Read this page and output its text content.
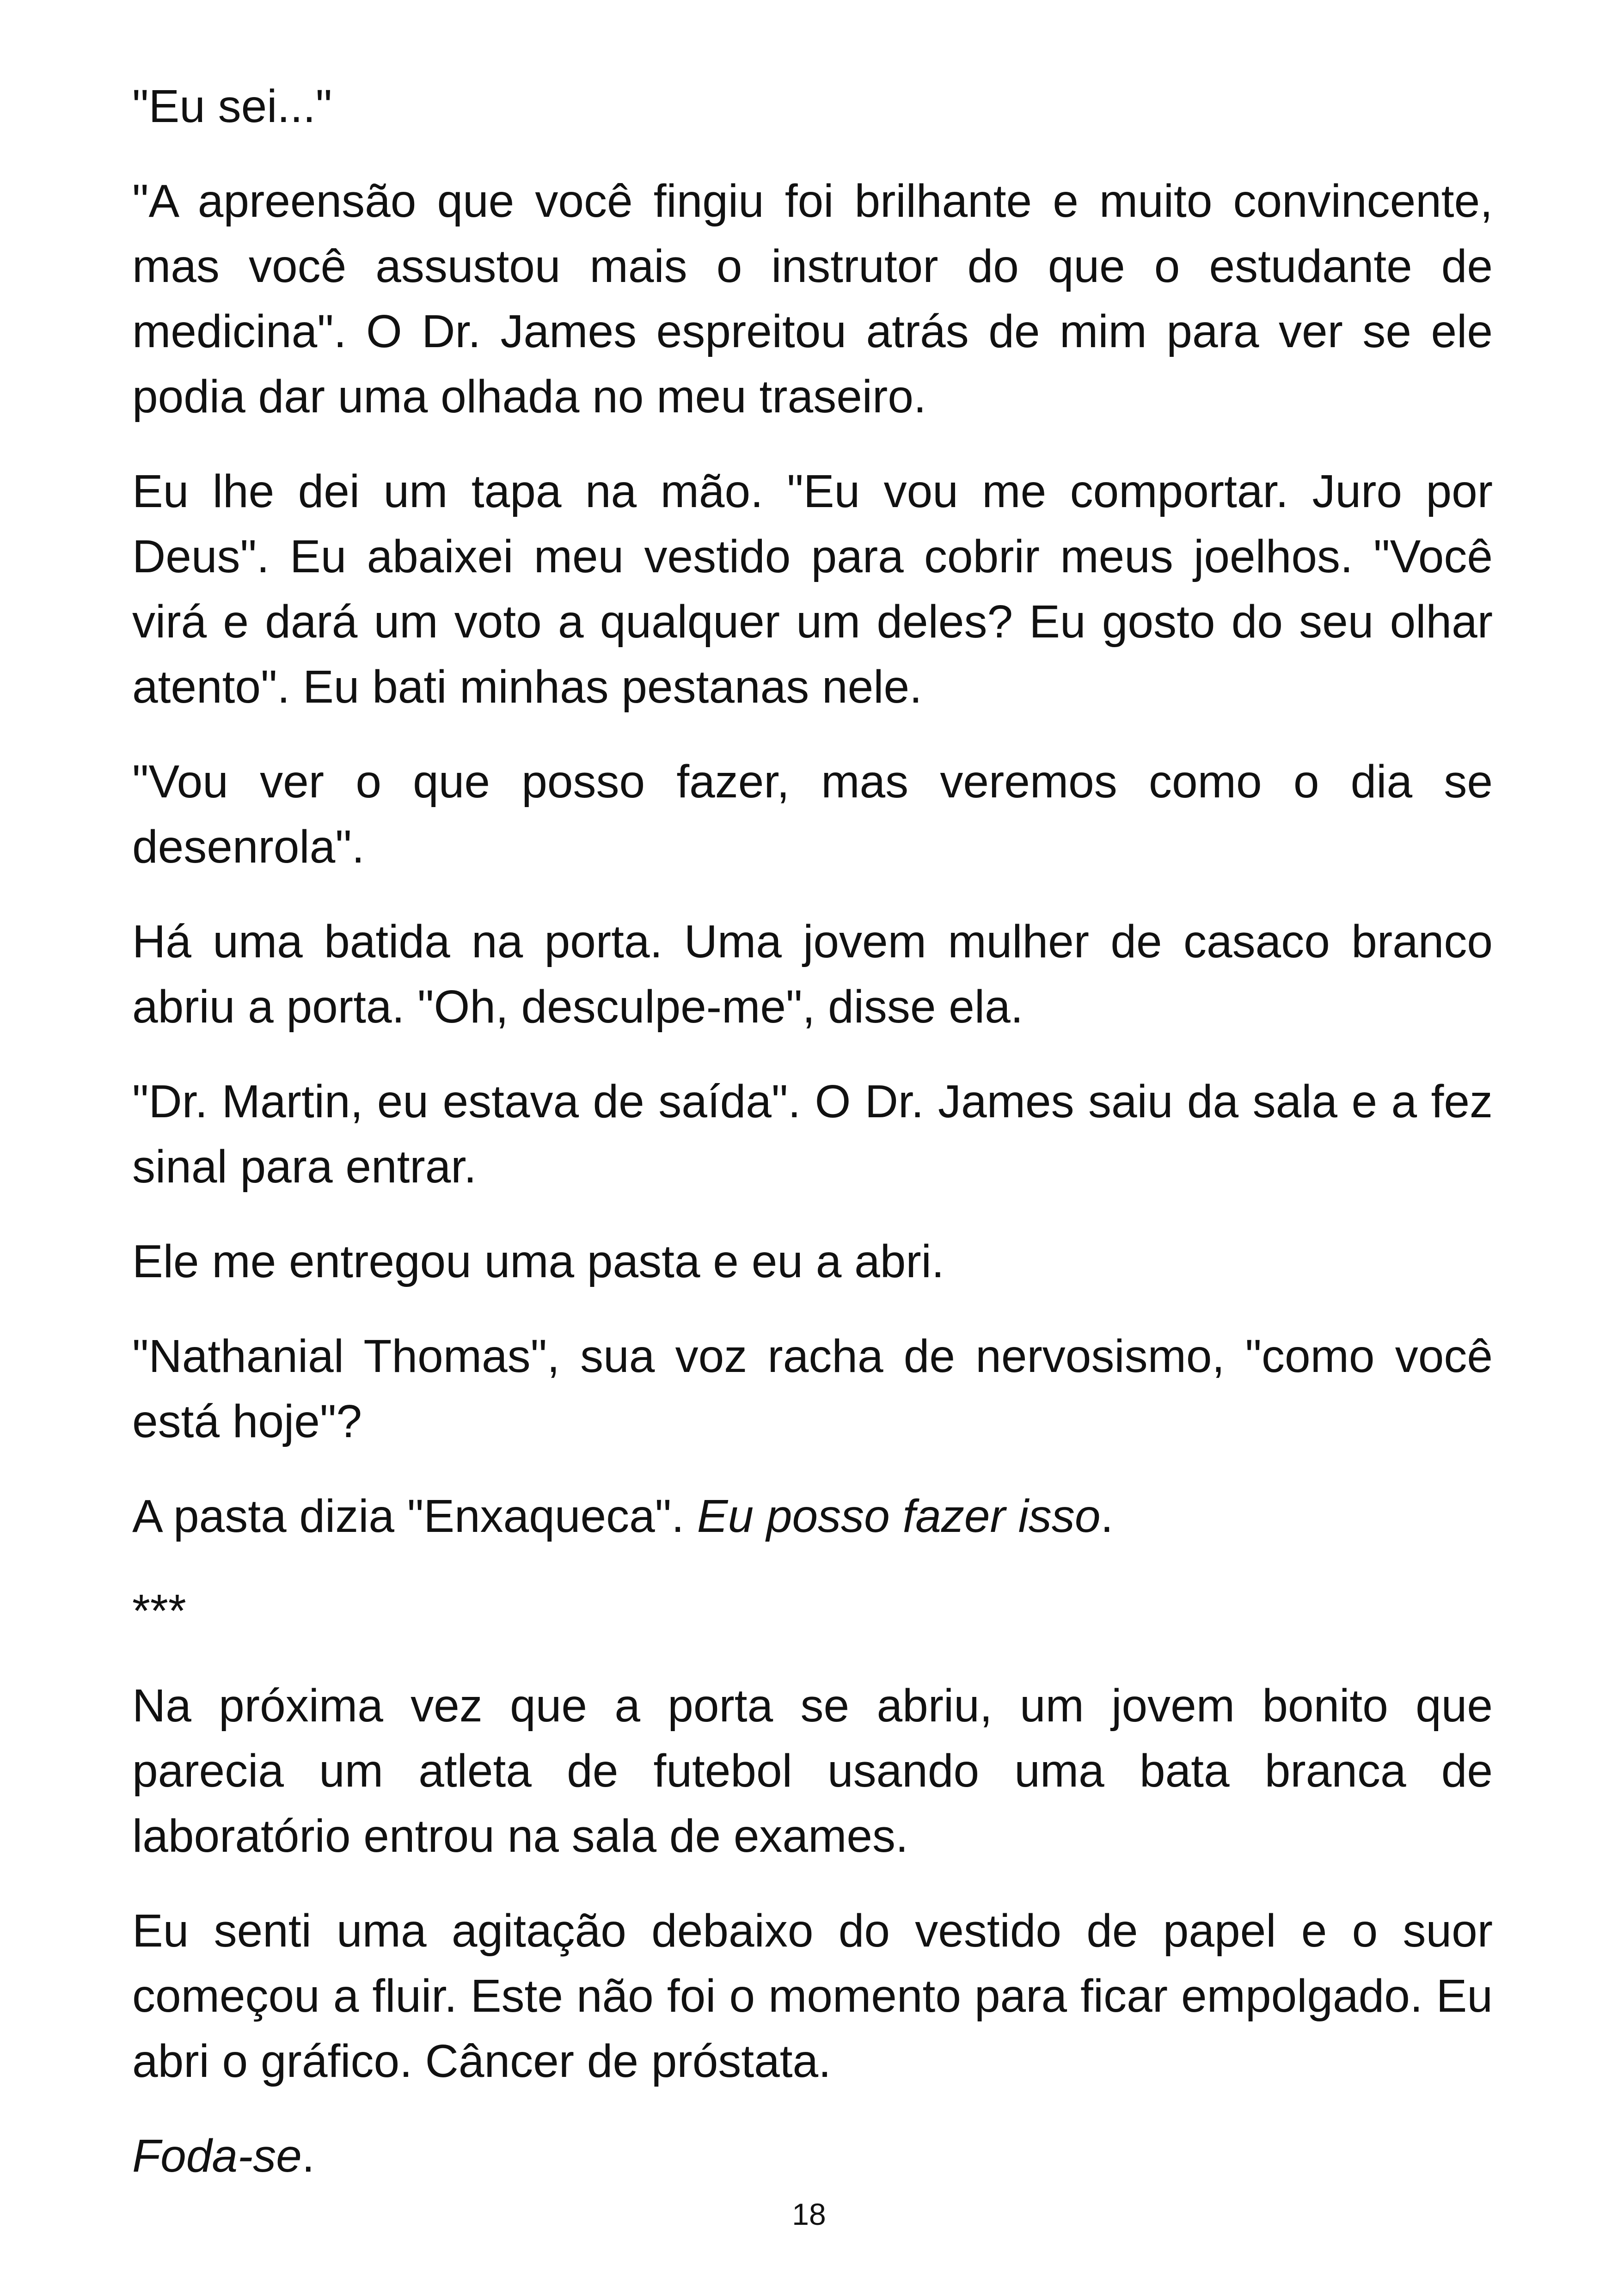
"Eu sei..."

"A apreensão que você fingiu foi brilhante e muito convincente, mas você assustou mais o instrutor do que o estudante de medicina". O Dr. James espreitou atrás de mim para ver se ele podia dar uma olhada no meu traseiro.

Eu lhe dei um tapa na mão. "Eu vou me comportar. Juro por Deus". Eu abaixei meu vestido para cobrir meus joelhos. "Você virá e dará um voto a qualquer um deles? Eu gosto do seu olhar atento". Eu bati minhas pestanas nele.

"Vou ver o que posso fazer, mas veremos como o dia se desenrola".

Há uma batida na porta. Uma jovem mulher de casaco branco abriu a porta. "Oh, desculpe-me", disse ela.

"Dr. Martin, eu estava de saída". O Dr. James saiu da sala e a fez sinal para entrar.

Ele me entregou uma pasta e eu a abri.

"Nathanial Thomas", sua voz racha de nervosismo, "como você está hoje"?

A pasta dizia "Enxaqueca". Eu posso fazer isso.

***

Na próxima vez que a porta se abriu, um jovem bonito que parecia um atleta de futebol usando uma bata branca de laboratório entrou na sala de exames.

Eu senti uma agitação debaixo do vestido de papel e o suor começou a fluir. Este não foi o momento para ficar empolgado. Eu abri o gráfico. Câncer de próstata.

Foda-se.

18
